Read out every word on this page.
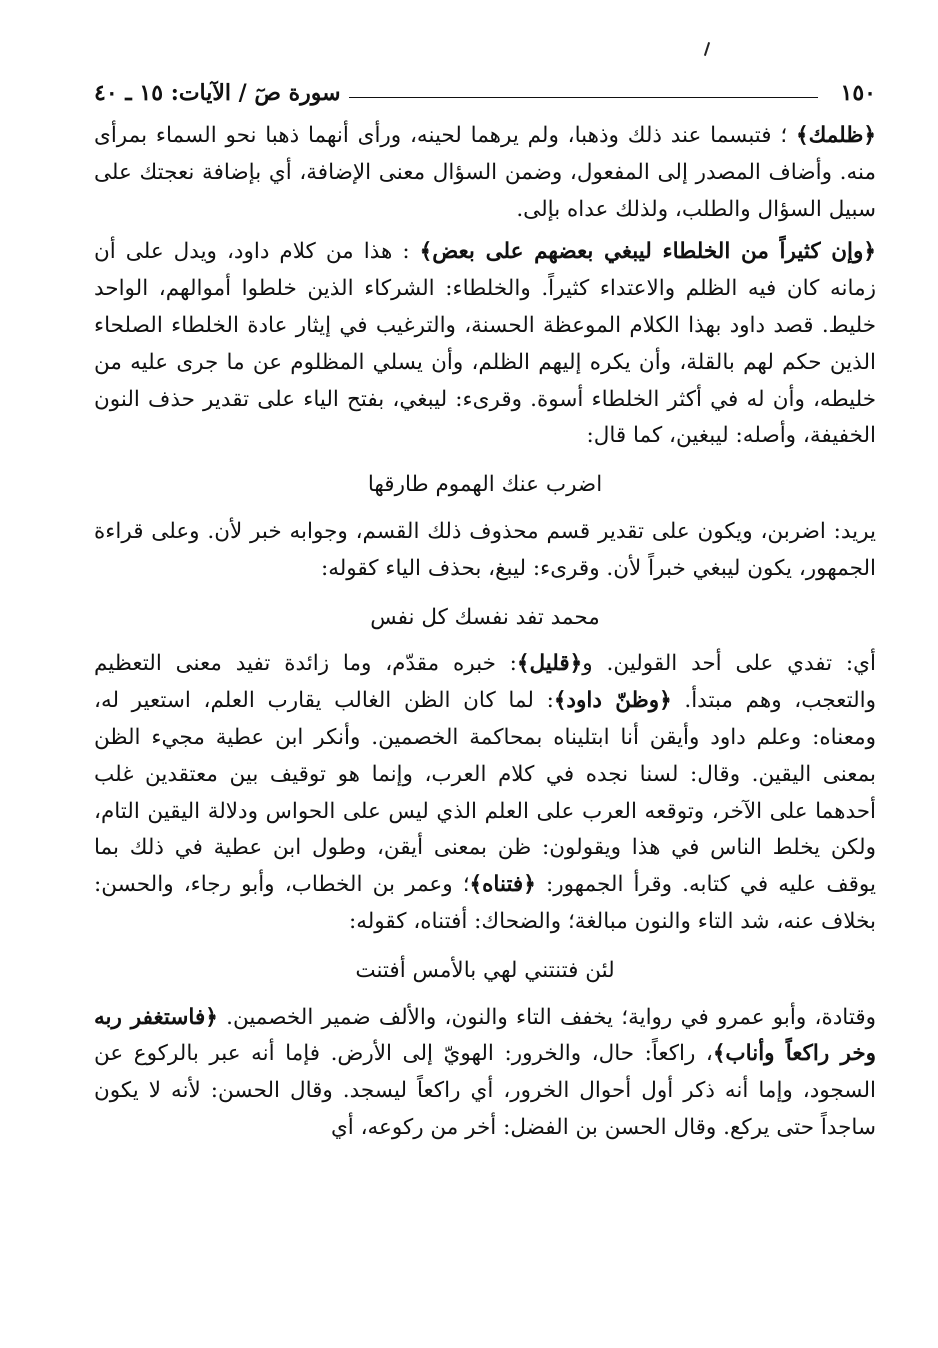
١٥٠
سورة صٓ / الآيات: ١٥ ـ ٤٠

﴿ظلمك﴾ ؛ فتبسما عند ذلك وذهبا، ولم يرهما لحينه، ورأى أنهما ذهبا نحو السماء بمرأى منه. وأضاف المصدر إلى المفعول، وضمن السؤال معنى الإضافة، أي بإضافة نعجتك على سبيل السؤال والطلب، ولذلك عداه بإلى.

﴿وإن كثيراً من الخلطاء ليبغي بعضهم على بعض﴾ : هذا من كلام داود، ويدل على أن زمانه كان فيه الظلم والاعتداء كثيراً. والخلطاء: الشركاء الذين خلطوا أموالهم، الواحد خليط. قصد داود بهذا الكلام الموعظة الحسنة، والترغيب في إيثار عادة الخلطاء الصلحاء الذين حكم لهم بالقلة، وأن يكره إليهم الظلم، وأن يسلي المظلوم عن ما جرى عليه من خليطه، وأن له في أكثر الخلطاء أسوة. وقرىء: ليبغي، بفتح الياء على تقدير حذف النون الخفيفة، وأصله: ليبغين، كما قال:

اضرب عنك الهموم طارقها

يريد: اضربن، ويكون على تقدير قسم محذوف ذلك القسم، وجوابه خبر لأن. وعلى قراءة الجمهور، يكون ليبغي خبراً لأن. وقرىء: ليبغ، بحذف الياء كقوله:

محمد تفد نفسك كل نفس

أي: تفدي على أحد القولين. و﴿قليل﴾: خبره مقدّم، وما زائدة تفيد معنى التعظيم والتعجب، وهم مبتدأ. ﴿وظنّ داود﴾: لما كان الظن الغالب يقارب العلم، استعير له، ومعناه: وعلم داود وأيقن أنا ابتليناه بمحاكمة الخصمين. وأنكر ابن عطية مجيء الظن بمعنى اليقين. وقال: لسنا نجده في كلام العرب، وإنما هو توقيف بين معتقدين غلب أحدهما على الآخر، وتوقعه العرب على العلم الذي ليس على الحواس ودلالة اليقين التام، ولكن يخلط الناس في هذا ويقولون: ظن بمعنى أيقن، وطول ابن عطية في ذلك بما يوقف عليه في كتابه. وقرأ الجمهور: ﴿فتناه﴾؛ وعمر بن الخطاب، وأبو رجاء، والحسن: بخلاف عنه، شد التاء والنون مبالغة؛ والضحاك: أفتناه، كقوله:

لئن فتنتني لهي بالأمس أفتنت

وقتادة، وأبو عمرو في رواية؛ يخفف التاء والنون، والألف ضمير الخصمين. ﴿فاستغفر ربه وخر راكعاً وأناب﴾، راكعاً: حال، والخرور: الهويّ إلى الأرض. فإما أنه عبر بالركوع عن السجود، وإما أنه ذكر أول أحوال الخرور، أي راكعاً ليسجد. وقال الحسن: لأنه لا يكون ساجداً حتى يركع. وقال الحسن بن الفضل: أخر من ركوعه، أي
